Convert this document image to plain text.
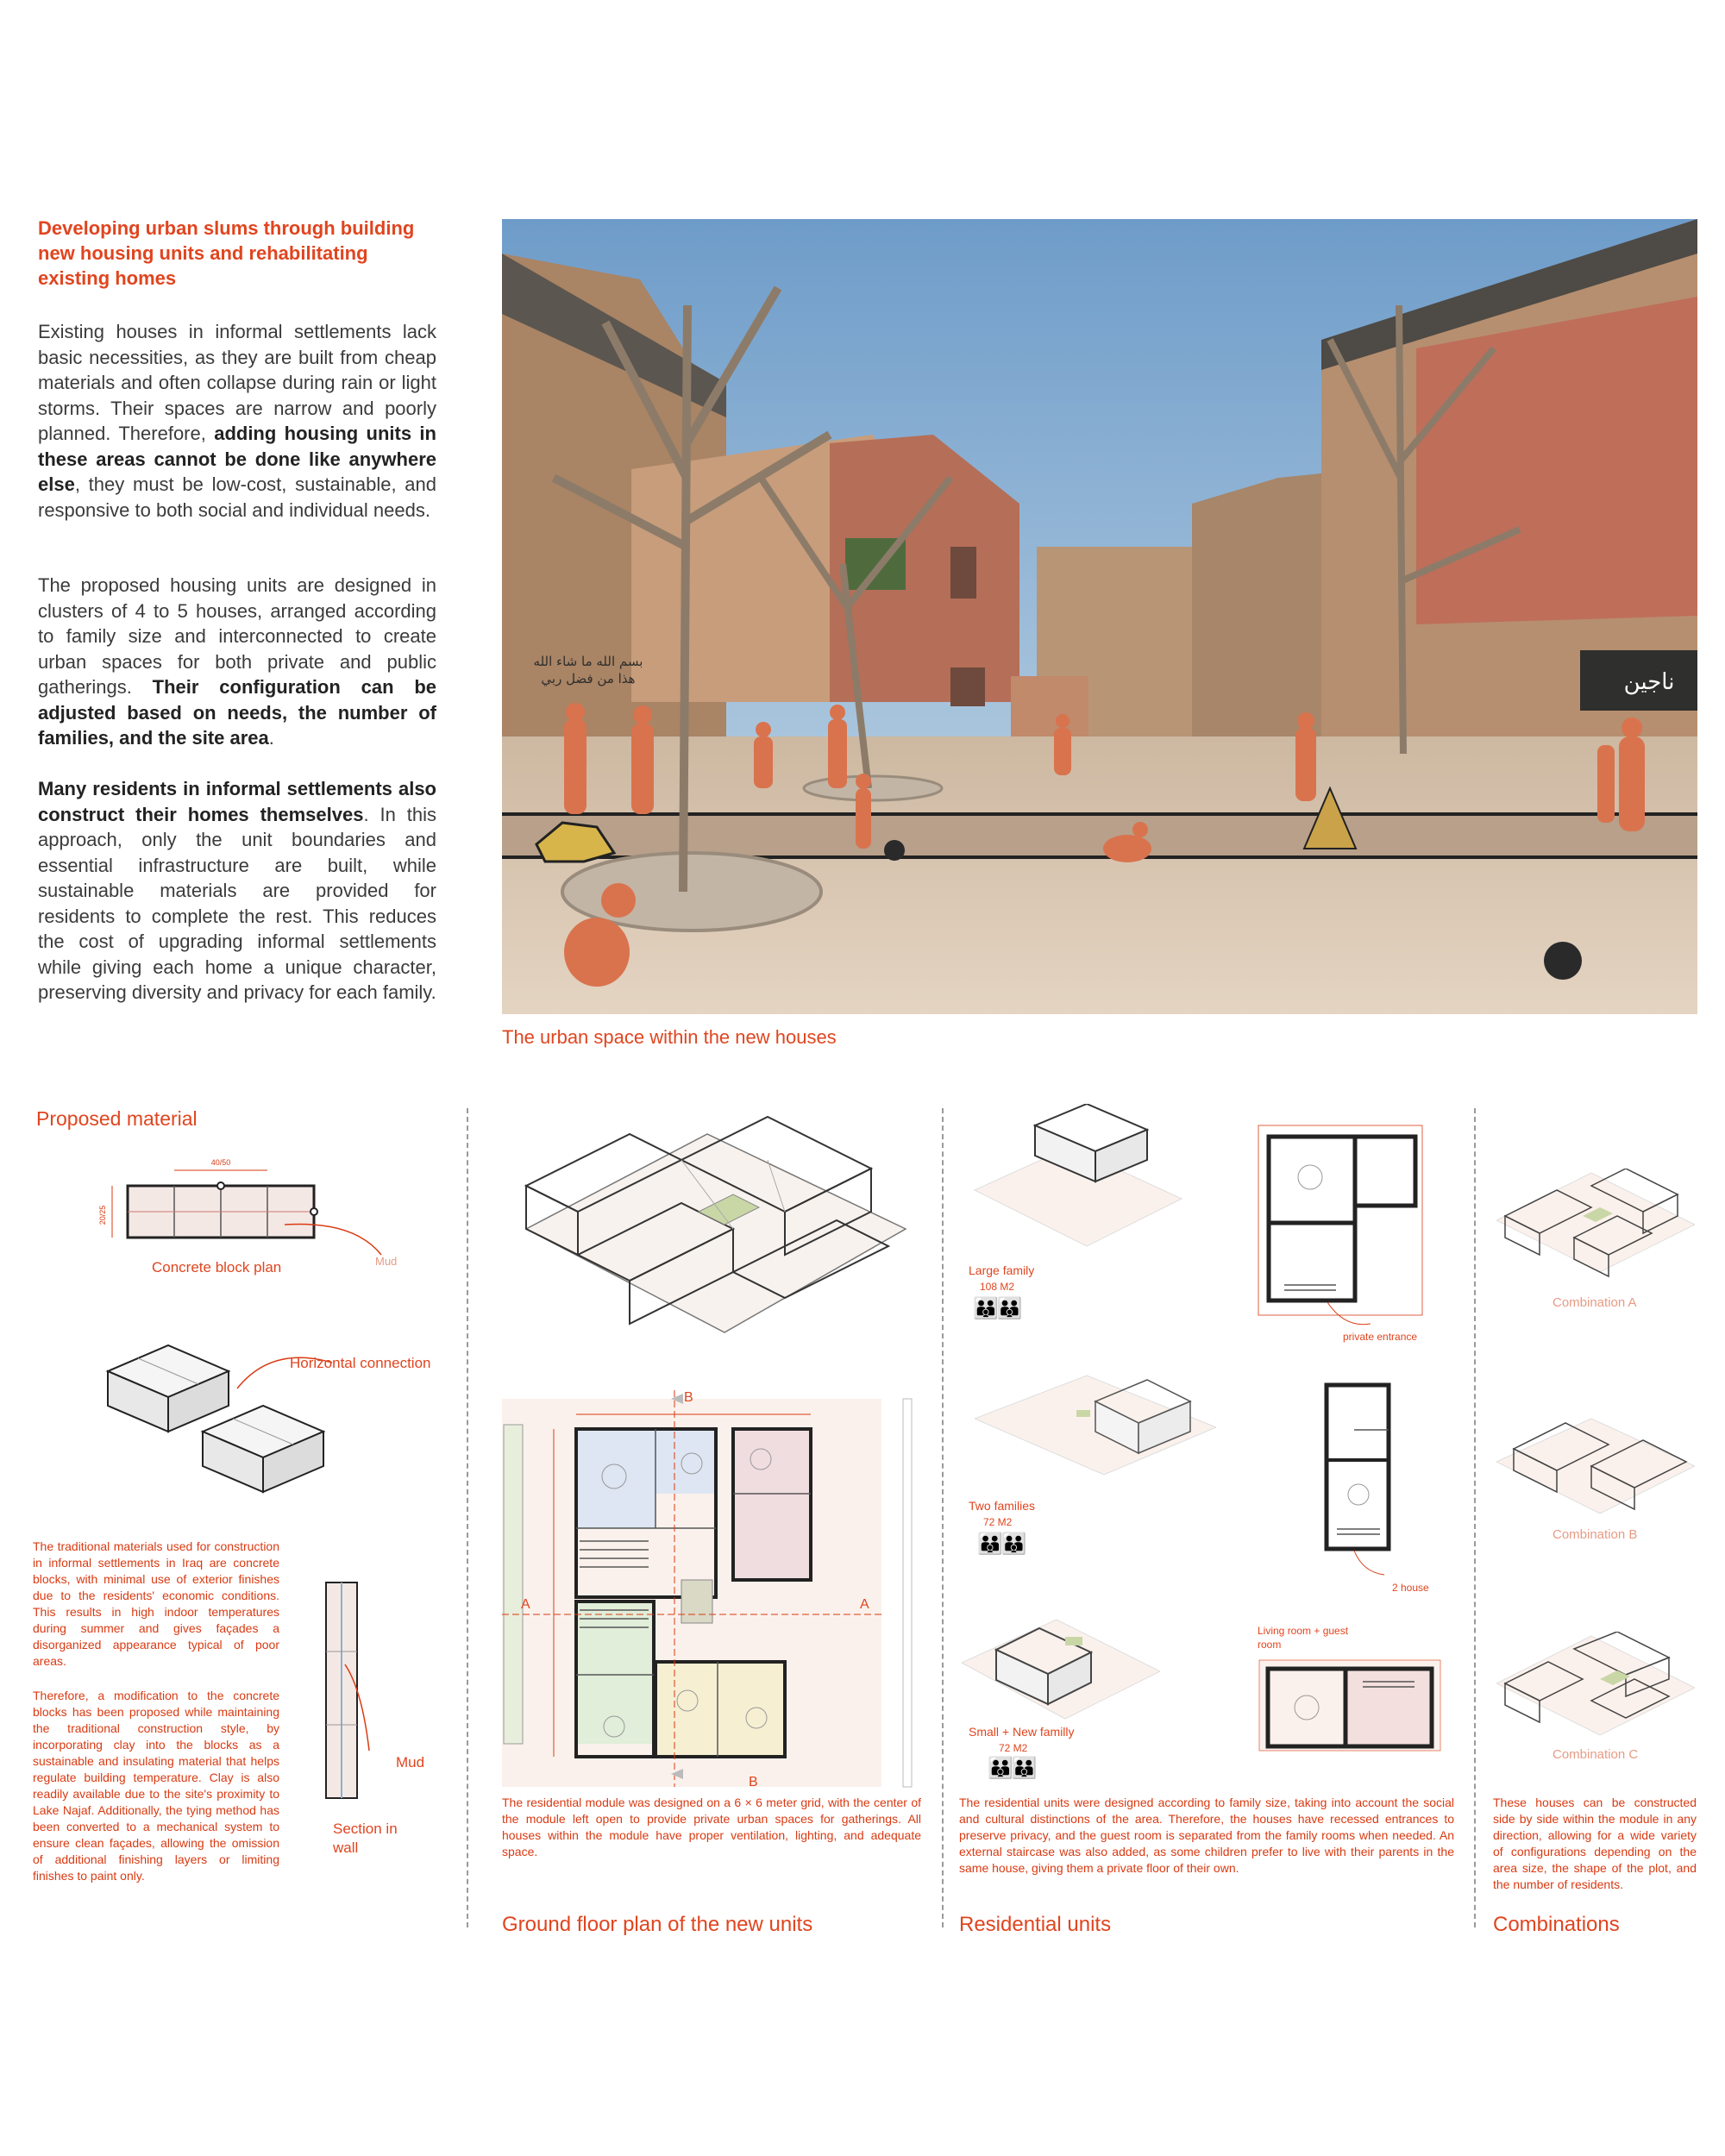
Developing urban slums through building new housing units and rehabilitating existing homes
Existing houses in informal settlements lack basic necessities, as they are built from cheap materials and often collapse during rain or light storms. Their spaces are narrow and poorly planned. Therefore, adding housing units in these areas cannot be done like anywhere else, they must be low-cost, sustainable, and responsive to both social and individual needs.
The proposed housing units are designed in clusters of 4 to 5 houses, arranged according to family size and interconnected to create urban spaces for both private and public gatherings. Their configuration can be adjusted based on needs, the number of families, and the site area.
Many residents in informal settlements also construct their homes themselves. In this approach, only the unit boundaries and essential infrastructure are built, while sustainable materials are provided for residents to complete the rest. This reduces the cost of upgrading informal settlements while giving each home a unique character, preserving diversity and privacy for each family.
ناجين
بسم الله ما شاء الله
هذا من فضل ربي
The urban space within the new houses
Proposed material
40/50
20/25
Mud
Concrete block plan
Horizontal connection
Mud
Section in wall
The traditional materials used for construction in informal settlements in Iraq are concrete blocks, with minimal use of exterior finishes due to the residents' economic conditions. This results in high indoor temperatures during summer and gives façades a disorganized appearance typical of poor areas.
Therefore, a modification to the concrete blocks has been proposed while maintaining the traditional construction style, by incorporating clay into the blocks as a sustainable and insulating material that helps regulate building temperature. Clay is also readily available due to the site's proximity to Lake Najaf. Additionally, the tying method has been converted to a mechanical system to ensure clean façades, allowing the omission of additional finishing layers or limiting finishes to paint only.
A	A
B
B
The residential module was designed on a 6 × 6 meter grid, with the center of the module left open to provide private urban spaces for gatherings. All houses within the module have proper ventilation, lighting, and adequate space.
Ground floor plan of the new units
Large family
108 M2
👪👪
private entrance
Two families
72 M2
👪👪
2 house
Small + New familly
72 M2
👪👪
Living room + guest room
The residential units were designed according to family size, taking into account the social and cultural distinctions of the area. Therefore, the houses have recessed entrances to preserve privacy, and the guest room is separated from the family rooms when needed. An external staircase was also added, as some children prefer to live with their parents in the same house, giving them a private floor of their own.
Residential units
Combination A
Combination B
Combination C
These houses can be constructed side by side within the module in any direction, allowing for a wide variety of configurations depending on the area size, the shape of the plot, and the number of residents.
Combinations
